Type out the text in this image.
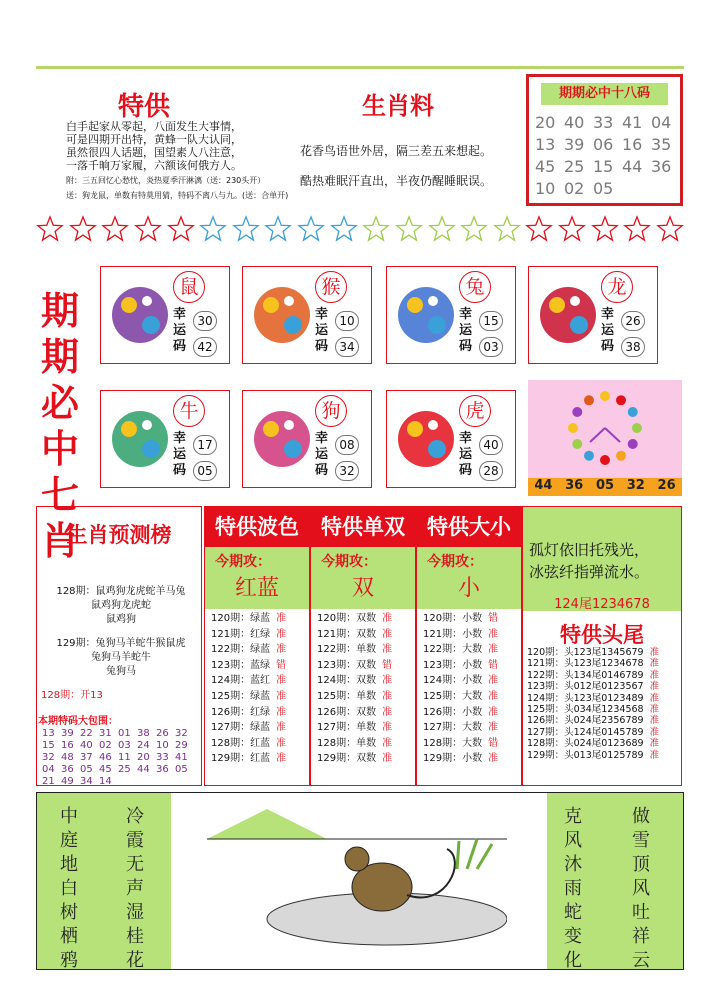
特供
白手起家从零起，八面发生大事情，
可是四期开出特，黄蜂一队大认同，
虽然很四人话题，国望素人八注意，
一落千晌万家履，六额该何俄方人。
附：三五回忆心愁忧，炎热夏季汗淋漓（送：230头开）
送：狗龙鼠，单数有特莫用猜，特码不离八与九。(送：合单开)
生肖料
花香鸟语世外居，隔三差五来想起。
酷热难眠汗直出，半夜仍醒睡眠误。
期期必中十八码
20 40 33 41 04
13 39 06 16 35
45 25 15 44 36
10 02 05
期期必中七肖
鼠
幸运码
30
42
猴
幸运码
10
34
兔
幸运码
15
03
龙
幸运码
26
38
牛
幸运码
17
05
狗
幸运码
08
32
虎
幸运码
40
28
44 36 05 32 26
生肖预测榜
128期：鼠鸡狗龙虎蛇羊马兔
鼠鸡狗龙虎蛇
鼠鸡狗
129期：兔狗马羊蛇牛猴鼠虎
兔狗马羊蛇牛
兔狗马
128期：开13
本期特码大包围：
13 39 22 31 01 38 26 32
15 16 40 02 03 24 10 29
32 48 37 46 11 20 33 41
04 36 05 45 25 44 36 05
21 49 34 14
特供波色
今期攻：
红蓝
120期：绿蓝 准
121期：红绿 准
122期：绿蓝 准
123期：蓝绿 错
124期：蓝红 准
125期：绿蓝 准
126期：红绿 准
127期：绿蓝 准
128期：红蓝 准
129期：红蓝 准
特供单双
今期攻：
双
120期：双数 准
121期：双数 准
122期：单数 准
123期：双数 错
124期：双数 准
125期：单数 准
126期：双数 准
127期：单数 准
128期：单数 准
129期：双数 准
特供大小
今期攻：
小
120期：小数 错
121期：小数 准
122期：大数 准
123期：小数 错
124期：小数 准
125期：大数 准
126期：小数 准
127期：大数 准
128期：大数 错
129期：小数 准
孤灯依旧托残光，
冰弦纤指弹流水。
124尾1234678
特供头尾
120期：头123尾1345679 准
121期：头123尾1234678 准
122期：头134尾0146789 准
123期：头012尾0123567 准
124期：头123尾0123489 准
125期：头034尾1234568 准
126期：头024尾2356789 准
127期：头124尾0145789 准
128期：头024尾0123689 准
129期：头013尾0125789 准
冷霞无声湿桂花
中庭地白树栖鸦
做雪顶风吐祥云
克风沐雨蛇变化
